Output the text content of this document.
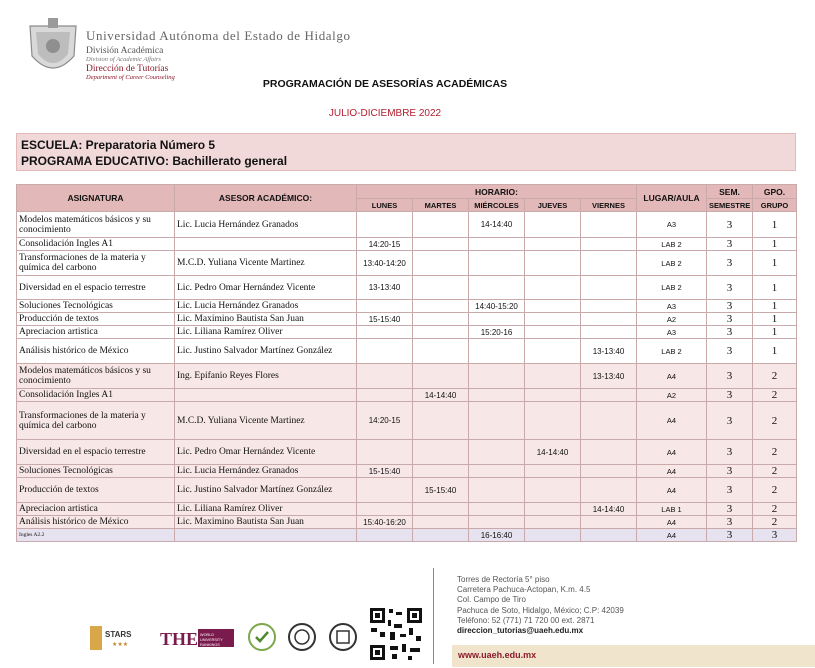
Universidad Autónoma del Estado de Hidalgo
División Académica
Division of Academic Affairs
Dirección de Tutorías
Department of Career Counseling
PROGRAMACIÓN DE ASESORÍAS ACADÉMICAS
JULIO-DICIEMBRE 2022
ESCUELA: Preparatoria Número 5
PROGRAMA EDUCATIVO: Bachillerato general
ASIGNATURA	ASESOR ACADÉMICO:	HORARIO:					LUGAR/AULA	SEM.	GPO.
		LUNES	MARTES	MIÉRCOLES	JUEVES	VIERNES		SEMESTRE	GRUPO
Modelos matemáticos básicos y su conocimiento	Lic. Lucia Hernández Granados			14-14:40			A3	3	1
Consolidación Ingles A1		14:20-15					LAB 2	3	1
Transformaciones de la materia y química del carbono	M.C.D. Yuliana Vicente Martinez	13:40-14:20					LAB 2	3	1
Diversidad en el espacio terrestre	Lic. Pedro Omar Hernández Vicente	13-13:40					LAB 2	3	1
Soluciones Tecnológicas	Lic. Lucia Hernández Granados			14:40-15:20			A3	3	1
Producción de textos	Lic. Maximino Bautista San Juan	15-15:40					A2	3	1
Apreciacion artistica	Lic. Liliana Ramírez Oliver			15:20-16			A3	3	1
Análisis histórico de México	Lic. Justino Salvador Martínez González					13-13:40	LAB 2	3	1
Modelos matemáticos básicos y su conocimiento	Ing. Epifanio Reyes Flores					13-13:40	A4	3	2
Consolidación Ingles A1			14-14:40				A2	3	2
Transformaciones de la materia y química del carbono	M.C.D. Yuliana Vicente Martinez	14:20-15					A4	3	2
Diversidad en el espacio terrestre	Lic. Pedro Omar Hernández Vicente				14-14:40		A4	3	2
Soluciones Tecnológicas	Lic. Lucia Hernández Granados	15-15:40					A4	3	2
Producción de textos	Lic. Justino Salvador Martínez González		15-15:40				A4	3	2
Apreciacion artistica	Lic. Liliana Ramírez Oliver					14-14:40	LAB 1	3	2
Análisis histórico de México	Lic. Maximino Bautista San Juan	15:40-16:20					A4	3	2
Ingles A2.2				16-16:40			A4	3	3
STARS
★★★ THE WORLD
UNIVERSITY
RANKINGS
Torres de Rectoría 5° piso
Carretera Pachuca-Actopan, K.m. 4.5
Col. Campo de Tiro
Pachuca de Soto, Hidalgo, México; C.P: 42039
Teléfono: 52 (771) 71 720 00 ext. 2871
direccion_tutorias@uaeh.edu.mx
www.uaeh.edu.mx
